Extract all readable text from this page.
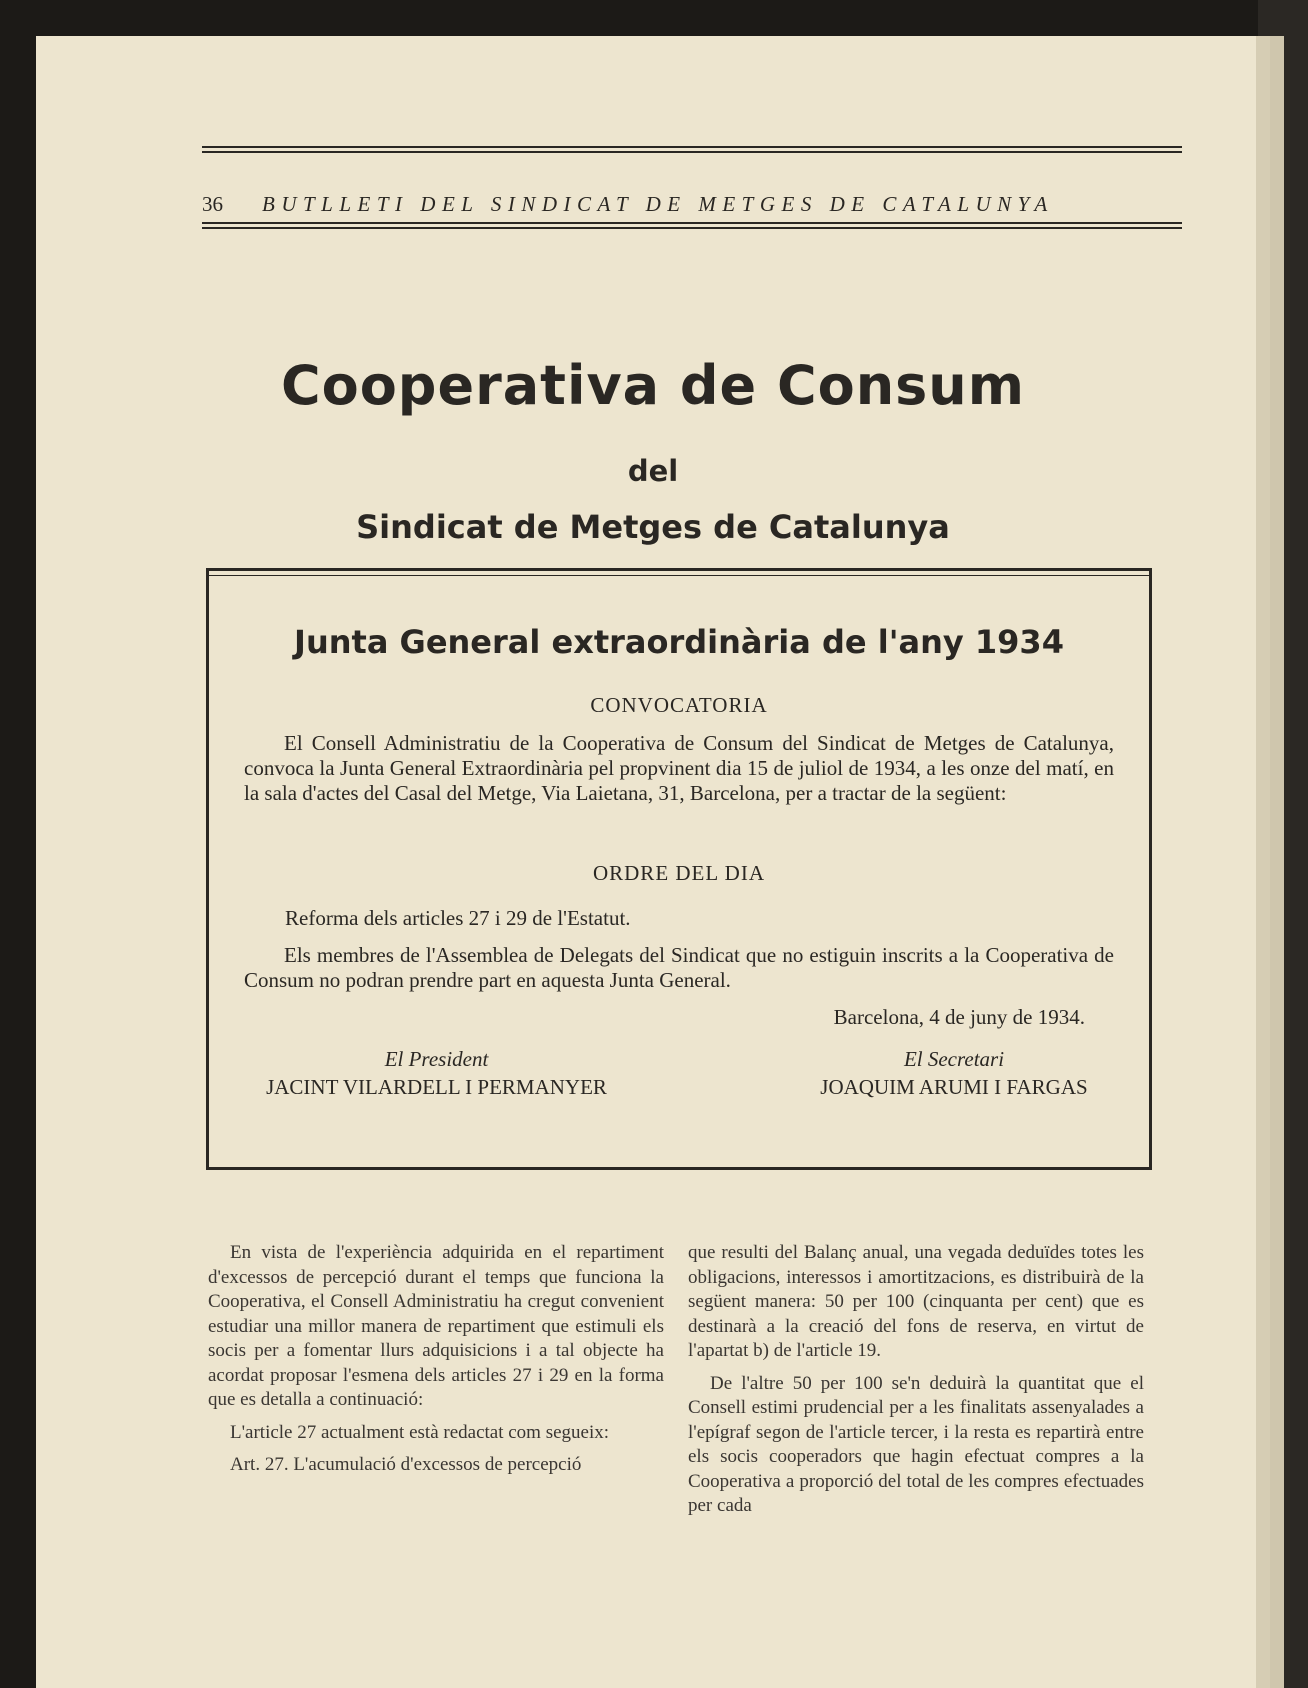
36	BUTLLETI DEL SINDICAT DE METGES DE CATALUNYA
Cooperativa de Consum
del
Sindicat de Metges de Catalunya
Junta General extraordinària de l'any 1934
CONVOCATORIA

El Consell Administratiu de la Cooperativa de Consum del Sindicat de Metges de Catalunya, convoca la Junta General Extraordinària pel propvinent dia 15 de juliol de 1934, a les onze del matí, en la sala d'actes del Casal del Metge, Via Laietana, 31, Barcelona, per a tractar de la següent:

ORDRE DEL DIA
Reforma dels articles 27 i 29 de l'Estatut.

Els membres de l'Assemblea de Delegats del Sindicat que no estiguin inscrits a la Cooperativa de Consum no podran prendre part en aquesta Junta General.

Barcelona, 4 de juny de 1934.
El President
JACINT VILARDELL I PERMANYER
El Secretari
JOAQUIM ARUMI I FARGAS

En vista de l'experiència adquirida en el repartiment d'excessos de percepció durant el temps que funciona la Cooperativa, el Consell Administratiu ha cregut convenient estudiar una millor manera de repartiment que estimuli els socis per a fomentar llurs adquisicions i a tal objecte ha acordat proposar l'esmena dels articles 27 i 29 en la forma que es detalla a continuació:

L'article 27 actualment està redactat com segueix:

Art. 27. L'acumulació d'excessos de percepció

que resulti del Balanç anual, una vegada deduïdes totes les obligacions, interessos i amortitzacions, es distribuirà de la següent manera: 50 per 100 (cinquanta per cent) que es destinarà a la creació del fons de reserva, en virtut de l'apartat b) de l'article 19.

De l'altre 50 per 100 se'n deduirà la quantitat que el Consell estimi prudencial per a les finalitats assenyalades a l'epígraf segon de l'article tercer, i la resta es repartirà entre els socis cooperadors que hagin efectuat compres a la Cooperativa a proporció del total de les compres efectuades per cada
